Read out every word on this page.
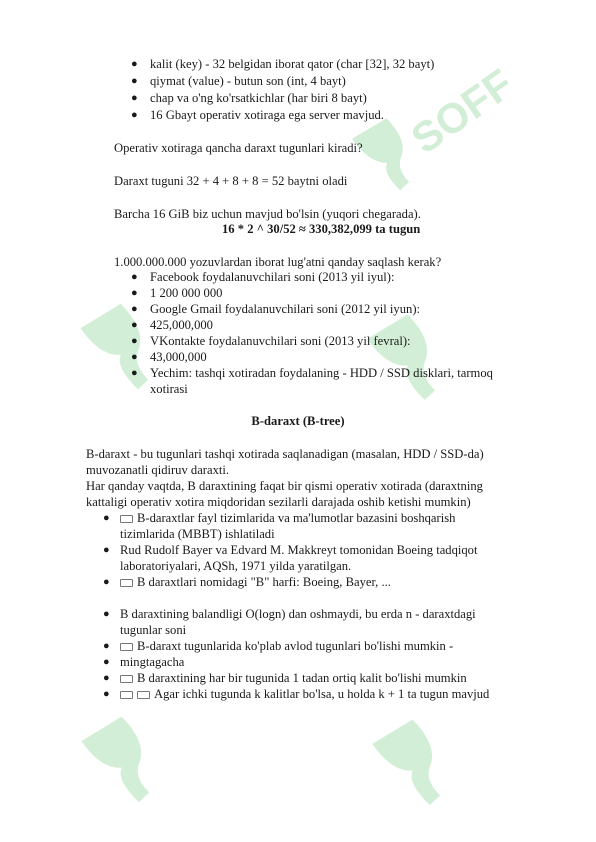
SOFF
● kalit (key) - 32 belgidan iborat qator (char [32], 32 bayt)
● qiymat (value) - butun son (int, 4 bayt)
● chap va o'ng ko'rsatkichlar (har biri 8 bayt)
● 16 Gbayt operativ xotiraga ega server mavjud.
Operativ xotiraga qancha daraxt tugunlari kiradi?
Daraxt tuguni 32 + 4 + 8 + 8 = 52 baytni oladi
Barcha 16 GiB biz uchun mavjud bo'lsin (yuqori chegarada).
16 * 2 ^ 30/52 ≈ 330,382,099 ta tugun
1.000.000.000 yozuvlardan iborat lug'atni qanday saqlash kerak?
● Facebook foydalanuvchilari soni (2013 yil iyul):
● 1 200 000 000
● Google Gmail foydalanuvchilari soni (2012 yil iyun):
● 425,000,000
● VKontakte foydalanuvchilari soni (2013 yil fevral):
● 43,000,000
● Yechim: tashqi xotiradan foydalaning - HDD / SSD disklari, tarmoq
xotirasi
B-daraxt (B-tree)
B-daraxt - bu tugunlari tashqi xotirada saqlanadigan (masalan, HDD / SSD-da)
muvozanatli qidiruv daraxti.
Har qanday vaqtda, B daraxtining faqat bir qismi operativ xotirada (daraxtning
kattaligi operativ xotira miqdoridan sezilarli darajada oshib ketishi mumkin)
●	B-daraxtlar fayl tizimlarida va ma'lumotlar bazasini boshqarish
tizimlarida (MBBT) ishlatiladi
● Rud Rudolf Bayer va Edvard M. Makkreyt tomonidan Boeing tadqiqot
laboratoriyalari, AQSh, 1971 yilda yaratilgan.
●	B daraxtlari nomidagi "B" harfi: Boeing, Bayer, ...
● B daraxtining balandligi O(logn) dan oshmaydi, bu erda n - daraxtdagi
tugunlar soni
●	B-daraxt tugunlarida ko'plab avlod tugunlari bo'lishi mumkin -
● mingtagacha
●	B daraxtining har bir tugunida 1 tadan ortiq kalit bo'lishi mumkin
●	Agar ichki tugunda k kalitlar bo'lsa, u holda k + 1 ta tugun mavjud
